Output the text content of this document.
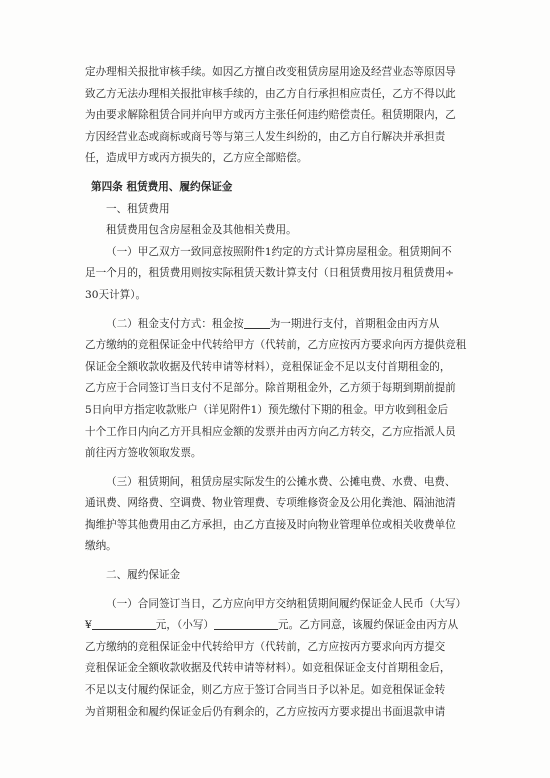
定办理相关报批审核手续。如因乙方擅自改变租赁房屋用途及经营业态等原因导

致乙方无法办理相关报批审核手续的，由乙方自行承担相应责任，乙方不得以此

为由要求解除租赁合同并向甲方或丙方主张任何违约赔偿责任。租赁期限内，乙

方因经营业态或商标或商号等与第三人发生纠纷的，由乙方自行解决并承担责

任，造成甲方或丙方损失的，乙方应全部赔偿。

第四条 租赁费用、履约保证金

一、租赁费用

租赁费用包含房屋租金及其他相关费用。

（一）甲乙双方一致同意按照附件1约定的方式计算房屋租金。租赁期间不

足一个月的，租赁费用则按实际租赁天数计算支付（日租赁费用按月租赁费用÷

30天计算）。

（二）租金支付方式：租金按 为一期进行支付，首期租金由丙方从

乙方缴纳的竞租保证金中代转给甲方（代转前，乙方应按丙方要求向丙方提供竞租

保证金全额收款收据及代转申请等材料），竞租保证金不足以支付首期租金的，

乙方应于合同签订当日支付不足部分。除首期租金外，乙方须于每期到期前提前

5日向甲方指定收款账户（详见附件1）预先缴付下期的租金。甲方收到租金后

十个工作日内向乙方开具相应金额的发票并由丙方向乙方转交，乙方应指派人员

前往丙方签收领取发票。

（三）租赁期间，租赁房屋实际发生的公摊水费、公摊电费、水费、电费、

通讯费、网络费、空调费、物业管理费、专项维修资金及公用化粪池、隔油池清

掏维护等其他费用由乙方承担，由乙方直接及时向物业管理单位或相关收费单位

缴纳。

二、履约保证金

（一）合同签订当日，乙方应向甲方交纳租赁期间履约保证金人民币（大写）

¥	元，（小写）	元。乙方同意，该履约保证金由丙方从

乙方缴纳的竞租保证金中代转给甲方（代转前，乙方应按丙方要求向丙方提交

竞租保证金全额收款收据及代转申请等材料）。如竞租保证金支付首期租金后，

不足以支付履约保证金，则乙方应于签订合同当日予以补足。如竞租保证金转

为首期租金和履约保证金后仍有剩余的，乙方应按丙方要求提出书面退款申请
